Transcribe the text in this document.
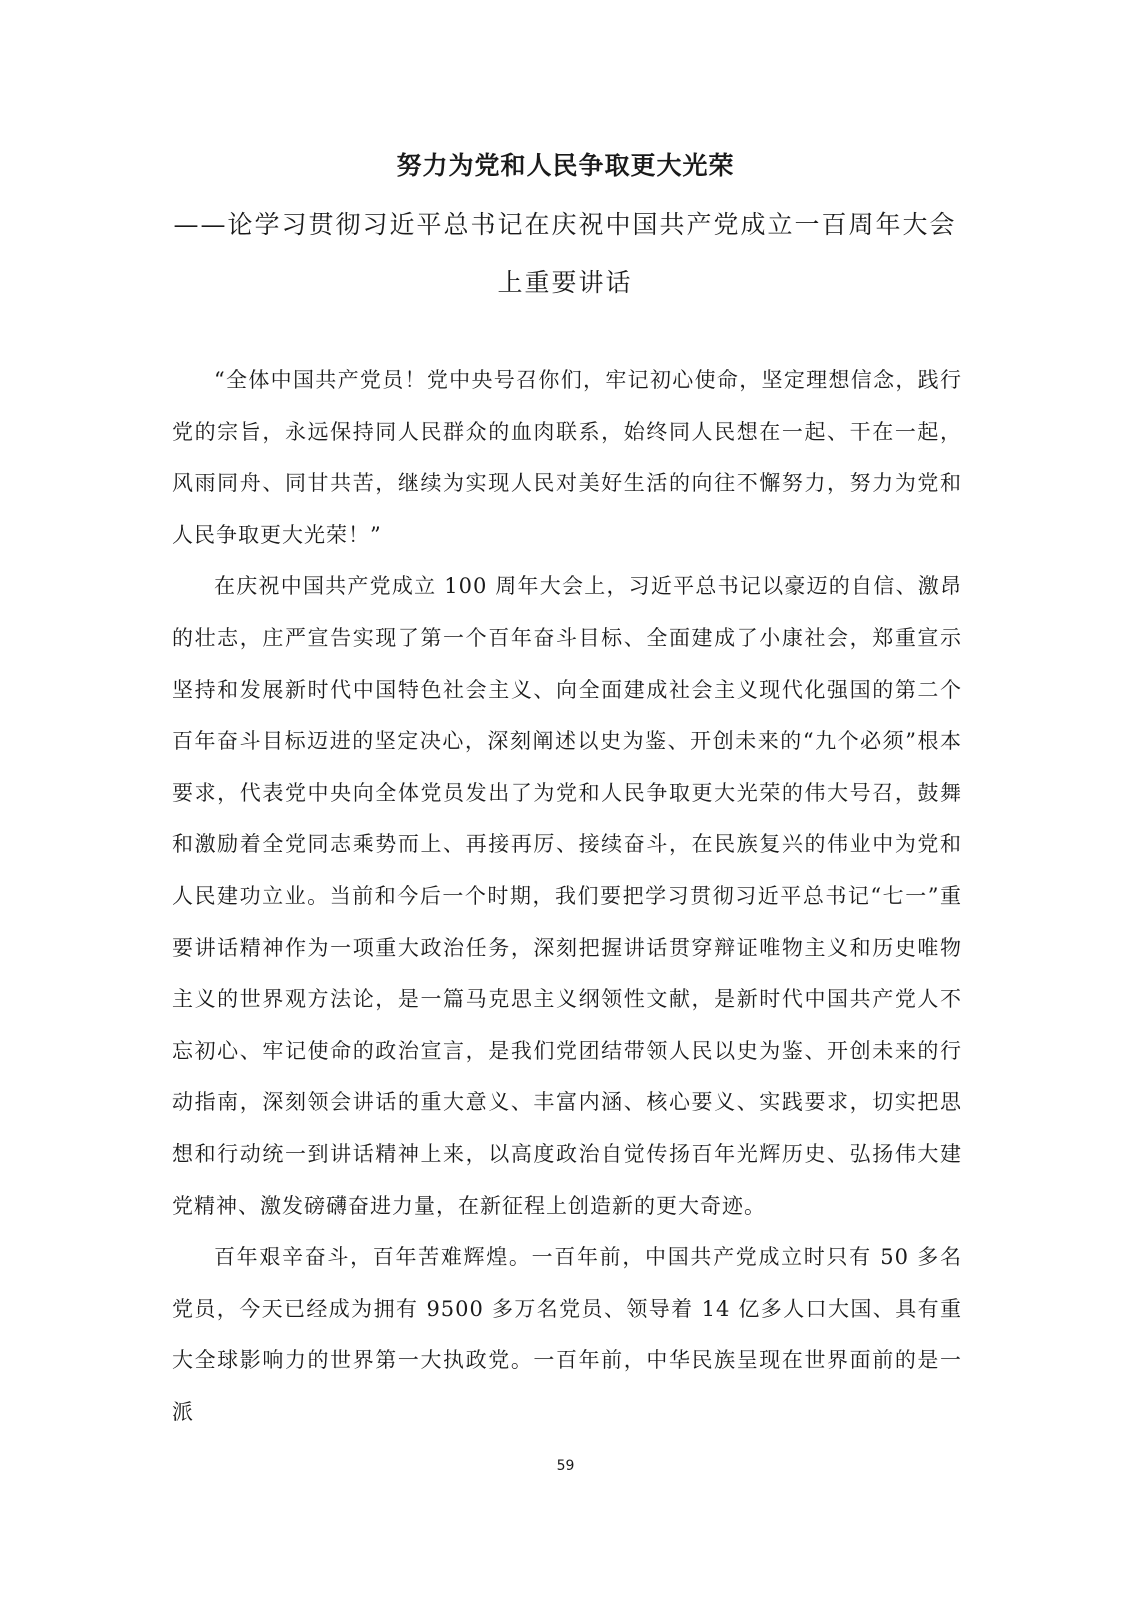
努力为党和人民争取更大光荣
——论学习贯彻习近平总书记在庆祝中国共产党成立一百周年大会上重要讲话

“全体中国共产党员！党中央号召你们，牢记初心使命，坚定理想信念，践行党的宗旨，永远保持同人民群众的血肉联系，始终同人民想在一起、干在一起，风雨同舟、同甘共苦，继续为实现人民对美好生活的向往不懈努力，努力为党和人民争取更大光荣！”

在庆祝中国共产党成立 100 周年大会上，习近平总书记以豪迈的自信、激昂的壮志，庄严宣告实现了第一个百年奋斗目标、全面建成了小康社会，郑重宣示坚持和发展新时代中国特色社会主义、向全面建成社会主义现代化强国的第二个百年奋斗目标迈进的坚定决心，深刻阐述以史为鉴、开创未来的“九个必须”根本要求，代表党中央向全体党员发出了为党和人民争取更大光荣的伟大号召，鼓舞和激励着全党同志乘势而上、再接再厉、接续奋斗，在民族复兴的伟业中为党和人民建功立业。当前和今后一个时期，我们要把学习贯彻习近平总书记“七一”重要讲话精神作为一项重大政治任务，深刻把握讲话贯穿辩证唯物主义和历史唯物主义的世界观方法论，是一篇马克思主义纲领性文献，是新时代中国共产党人不忘初心、牢记使命的政治宣言，是我们党团结带领人民以史为鉴、开创未来的行动指南，深刻领会讲话的重大意义、丰富内涵、核心要义、实践要求，切实把思想和行动统一到讲话精神上来，以高度政治自觉传扬百年光辉历史、弘扬伟大建党精神、激发磅礴奋进力量，在新征程上创造新的更大奇迹。

百年艰辛奋斗，百年苦难辉煌。一百年前，中国共产党成立时只有 50 多名党员，今天已经成为拥有 9500 多万名党员、领导着 14 亿多人口大国、具有重大全球影响力的世界第一大执政党。一百年前，中华民族呈现在世界面前的是一派

59
